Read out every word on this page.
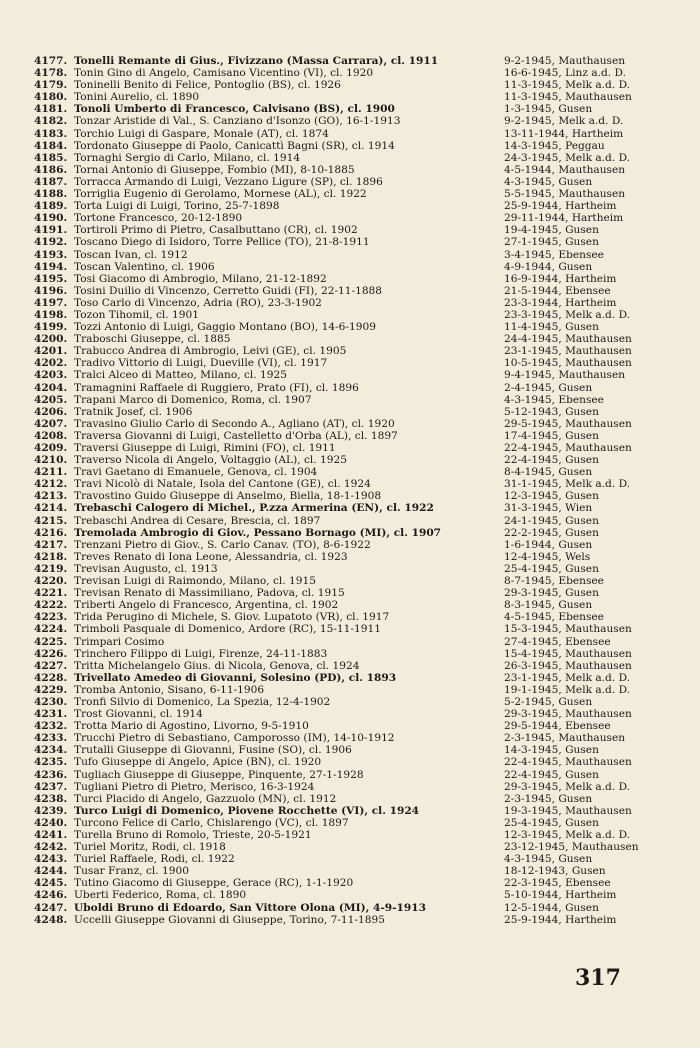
4177. Tonelli Remante di Gius., Fivizzano (Massa Carrara), cl. 1911	9-2-1945, Mauthausen
4178. Tonin Gino di Angelo, Camisano Vicentino (VI), cl. 1920	16-6-1945, Linz a.d. D.
4179. Toninelli Benito di Felice, Pontoglio (BS), cl. 1926	11-3-1945, Melk a.d. D.
4180. Tonini Aurelio, cl. 1890	11-3-1945, Mauthausen
4181. Tonoli Umberto di Francesco, Calvisano (BS), cl. 1900	1-3-1945, Gusen
4182. Tonzar Aristide di Val., S. Canziano d'Isonzo (GO), 16-1-1913	9-2-1945, Melk a.d. D.
4183. Torchio Luigi di Gaspare, Monale (AT), cl. 1874	13-11-1944, Hartheim
4184. Tordonato Giuseppe di Paolo, Canicattì Bagni (SR), cl. 1914	14-3-1945, Peggau
4185. Tornaghi Sergio di Carlo, Milano, cl. 1914	24-3-1945, Melk a.d. D.
4186. Tornai Antonio di Giuseppe, Fombio (MI), 8-10-1885	4-5-1944, Mauthausen
4187. Torracca Armando di Luigi, Vezzano Ligure (SP), cl. 1896	4-3-1945, Gusen
4188. Torriglia Eugenio di Gerolamo, Mornese (AL), cl. 1922	5-5-1945, Mauthausen
4189. Torta Luigi di Luigi, Torino, 25-7-1898	25-9-1944, Hartheim
4190. Tortone Francesco, 20-12-1890	29-11-1944, Hartheim
4191. Tortiroli Primo di Pietro, Casalbuttano (CR), cl. 1902	19-4-1945, Gusen
4192. Toscano Diego di Isidoro, Torre Pellice (TO), 21-8-1911	27-1-1945, Gusen
4193. Toscan Ivan, cl. 1912	3-4-1945, Ebensee
4194. Toscan Valentino, cl. 1906	4-9-1944, Gusen
4195. Tosi Giacomo di Ambrogio, Milano, 21-12-1892	16-9-1944, Hartheim
4196. Tosini Duilio di Vincenzo, Cerretto Guidi (FI), 22-11-1888	21-5-1944, Ebensee
4197. Toso Carlo di Vincenzo, Adria (RO), 23-3-1902	23-3-1944, Hartheim
4198. Tozon Tihomil, cl. 1901	23-3-1945, Melk a.d. D.
4199. Tozzi Antonio di Luigi, Gaggio Montano (BO), 14-6-1909	11-4-1945, Gusen
4200. Traboschi Giuseppe, cl. 1885	24-4-1945, Mauthausen
4201. Trabucco Andrea di Ambrogio, Leivi (GE), cl. 1905	23-1-1945, Mauthausen
4202. Tradivo Vittorio di Luigi, Dueville (VI), cl. 1917	10-5-1945, Mauthausen
4203. Tralci Alceo di Matteo, Milano, cl. 1925	9-4-1945, Mauthausen
4204. Tramagnini Raffaele di Ruggiero, Prato (FI), cl. 1896	2-4-1945, Gusen
4205. Trapani Marco di Domenico, Roma, cl. 1907	4-3-1945, Ebensee
4206. Tratnik Josef, cl. 1906	5-12-1943, Gusen
4207. Travasino Giulio Carlo di Secondo A., Agliano (AT), cl. 1920	29-5-1945, Mauthausen
4208. Traversa Giovanni di Luigi, Castelletto d'Orba (AL), cl. 1897	17-4-1945, Gusen
4209. Traversi Giuseppe di Luigi, Rimini (FO), cl. 1911	22-4-1945, Mauthausen
4210. Traverso Nicola di Angelo, Voltaggio (AL), cl. 1925	22-4-1945, Gusen
4211. Travi Gaetano di Emanuele, Genova, cl. 1904	8-4-1945, Gusen
4212. Travi Nicolò di Natale, Isola del Cantone (GE), cl. 1924	31-1-1945, Melk a.d. D.
4213. Travostino Guido Giuseppe di Anselmo, Biella, 18-1-1908	12-3-1945, Gusen
4214. Trebaschi Calogero di Michel., P.zza Armerina (EN), cl. 1922	31-3-1945, Wien
4215. Trebaschi Andrea di Cesare, Brescia, cl. 1897	24-1-1945, Gusen
4216. Tremolada Ambrogio di Giov., Pessano Bornago (MI), cl. 1907	22-2-1945, Gusen
4217. Trenzani Pietro di Giov., S. Carlo Canav. (TO), 8-6-1922	1-6-1944, Gusen
4218. Treves Renato di Iona Leone, Alessandria, cl. 1923	12-4-1945, Wels
4219. Trevisan Augusto, cl. 1913	25-4-1945, Gusen
4220. Trevisan Luigi di Raimondo, Milano, cl. 1915	8-7-1945, Ebensee
4221. Trevisan Renato di Massimiliano, Padova, cl. 1915	29-3-1945, Gusen
4222. Triberti Angelo di Francesco, Argentina, cl. 1902	8-3-1945, Gusen
4223. Trida Perugino di Michele, S. Giov. Lupatoto (VR), cl. 1917	4-5-1945, Ebensee
4224. Trimboli Pasquale di Domenico, Ardore (RC), 15-11-1911	15-3-1945, Mauthausen
4225. Trimpari Cosimo	27-4-1945, Ebensee
4226. Trinchero Filippo di Luigi, Firenze, 24-11-1883	15-4-1945, Mauthausen
4227. Tritta Michelangelo Gius. di Nicola, Genova, cl. 1924	26-3-1945, Mauthausen
4228. Trivellato Amedeo di Giovanni, Solesino (PD), cl. 1893	23-1-1945, Melk a.d. D.
4229. Tromba Antonio, Sisano, 6-11-1906	19-1-1945, Melk a.d. D.
4230. Tronfi Silvio di Domenico, La Spezia, 12-4-1902	5-2-1945, Gusen
4231. Trost Giovanni, cl. 1914	29-3-1945, Mauthausen
4232. Trotta Mario di Agostino, Livorno, 9-5-1910	29-5-1944, Ebensee
4233. Trucchi Pietro di Sebastiano, Camporosso (IM), 14-10-1912	2-3-1945, Mauthausen
4234. Trutalli Giuseppe di Giovanni, Fusine (SO), cl. 1906	14-3-1945, Gusen
4235. Tufo Giuseppe di Angelo, Apice (BN), cl. 1920	22-4-1945, Mauthausen
4236. Tugliach Giuseppe di Giuseppe, Pinquente, 27-1-1928	22-4-1945, Gusen
4237. Tugliani Pietro di Pietro, Merisco, 16-3-1924	29-3-1945, Melk a.d. D.
4238. Turci Placido di Angelo, Gazzuolo (MN), cl. 1912	2-3-1945, Gusen
4239. Turco Luigi di Domenico, Piovene Rocchette (VI), cl. 1924	19-3-1945, Mauthausen
4240. Turcono Felice di Carlo, Chislarengo (VC), cl. 1897	25-4-1945, Gusen
4241. Turella Bruno di Romolo, Trieste, 20-5-1921	12-3-1945, Melk a.d. D.
4242. Turiel Moritz, Rodi, cl. 1918	23-12-1945, Mauthausen
4243. Turiel Raffaele, Rodi, cl. 1922	4-3-1945, Gusen
4244. Tusar Franz, cl. 1900	18-12-1943, Gusen
4245. Tutino Giacomo di Giuseppe, Gerace (RC), 1-1-1920	22-3-1945, Ebensee
4246. Uberti Federico, Roma, cl. 1890	5-10-1944, Hartheim
4247. Uboldi Bruno di Edoardo, San Vittore Olona (MI), 4-9-1913	12-5-1944, Gusen
4248. Uccelli Giuseppe Giovanni di Giuseppe, Torino, 7-11-1895	25-9-1944, Hartheim
317
